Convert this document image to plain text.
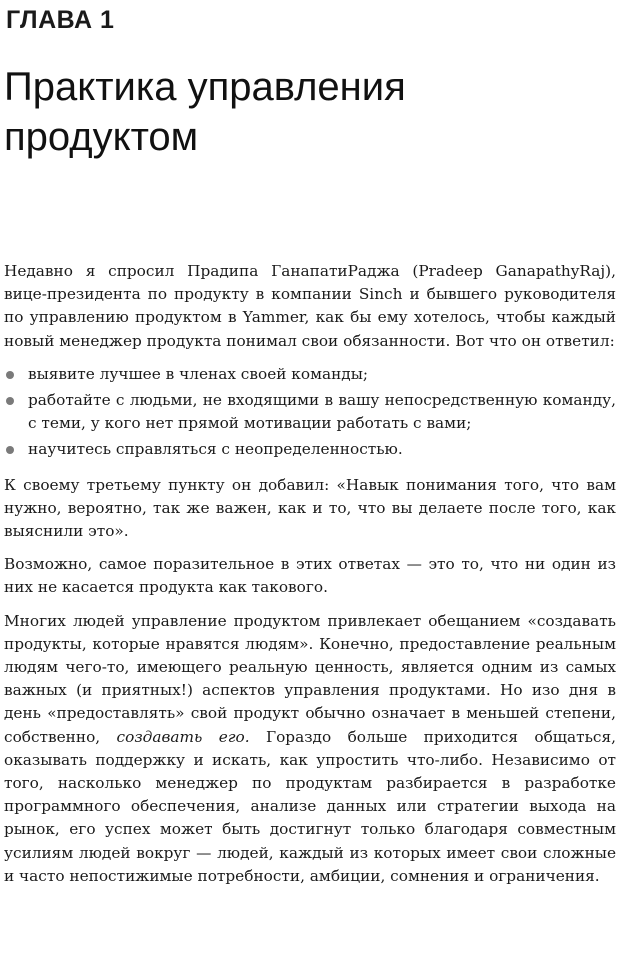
ГЛАВА 1
Практика управления продуктом

Недавно я спросил Прадипа ГанапатиРаджа (Pradeep GanapathyRaj), вице-президента по продукту в компании Sinch и бывшего руководителя по управлению продуктом в Yammer, как бы ему хотелось, чтобы каждый новый менеджер продукта понимал свои обязанности. Вот что он ответил:

выявите лучшее в членах своей команды;
работайте с людьми, не входящими в вашу непосредственную команду, с теми, у кого нет прямой мотивации работать с вами;
научитесь справляться с неопределенностью.

К своему третьему пункту он добавил: «Навык понимания того, что вам нужно, вероятно, так же важен, как и то, что вы делаете после того, как выяснили это».

Возможно, самое поразительное в этих ответах — это то, что ни один из них не касается продукта как такового.

Многих людей управление продуктом привлекает обещанием «создавать продукты, которые нравятся людям». Конечно, предоставление реальным людям чего-то, имеющего реальную ценность, является одним из самых важных (и приятных!) аспектов управления продуктами. Но изо дня в день «предоставлять» свой продукт обычно означает в меньшей степени, собственно, создавать его. Гораздо больше приходится общаться, оказывать поддержку и искать, как упростить что-либо. Независимо от того, насколько менеджер по продуктам разбирается в разработке программного обеспечения, анализе данных или стратегии выхода на рынок, его успех может быть достигнут только благодаря совместным усилиям людей вокруг — людей, каждый из которых имеет свои сложные и часто непостижимые потребности, амбиции, сомнения и ограничения.
